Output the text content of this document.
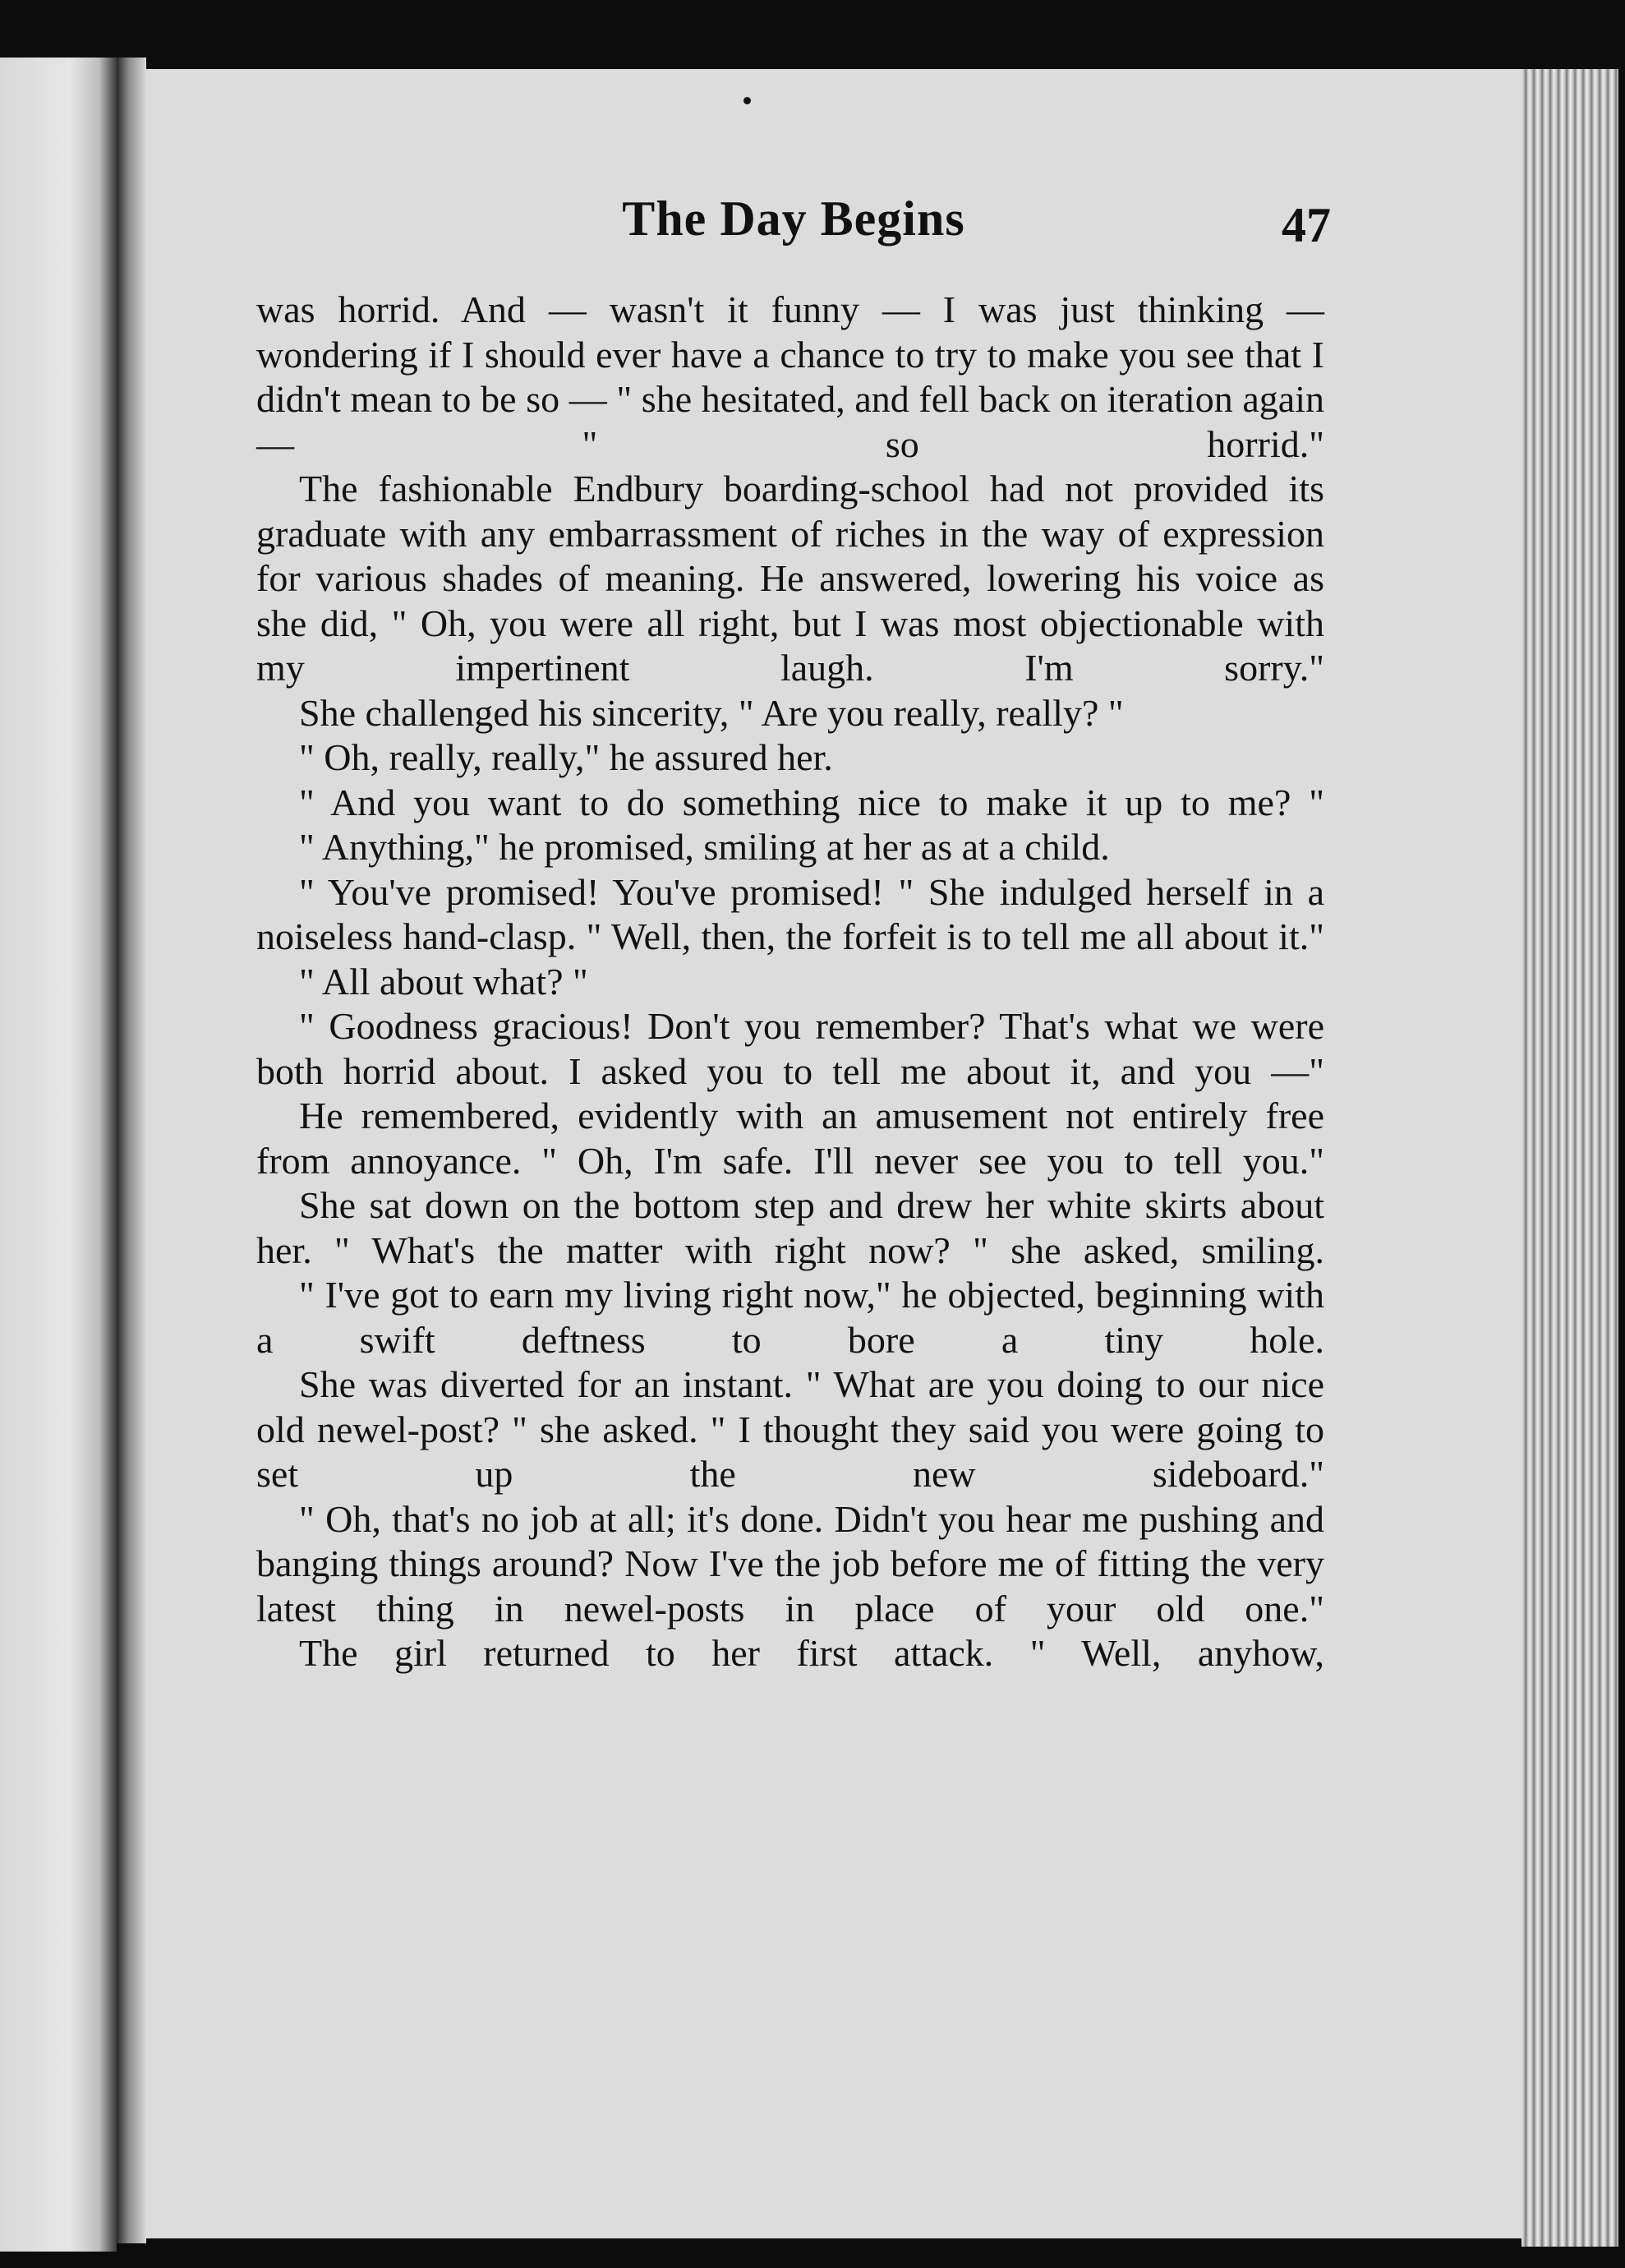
The Day Begins	47

was horrid. And — wasn't it funny — I was just thinking — wondering if I should ever have a chance to try to make you see that I didn't mean to be so — " she hesitated, and fell back on iteration again — " so horrid."

The fashionable Endbury boarding-school had not provided its graduate with any embarrassment of riches in the way of expression for various shades of meaning. He answered, lowering his voice as she did, " Oh, you were all right, but I was most objectionable with my impertinent laugh. I'm sorry."

She challenged his sincerity, " Are you really, really? "

" Oh, really, really," he assured her.

" And you want to do something nice to make it up to me? "

" Anything," he promised, smiling at her as at a child.

" You've promised! You've promised! " She indulged herself in a noiseless hand-clasp. " Well, then, the forfeit is to tell me all about it."

" All about what? "

" Goodness gracious! Don't you remember? That's what we were both horrid about. I asked you to tell me about it, and you —"

He remembered, evidently with an amusement not entirely free from annoyance. " Oh, I'm safe. I'll never see you to tell you."

She sat down on the bottom step and drew her white skirts about her. " What's the matter with right now? " she asked, smiling.

" I've got to earn my living right now," he objected, beginning with a swift deftness to bore a tiny hole.

She was diverted for an instant. " What are you doing to our nice old newel-post? " she asked. " I thought they said you were going to set up the new sideboard."

" Oh, that's no job at all; it's done. Didn't you hear me pushing and banging things around? Now I've the job before me of fitting the very latest thing in newel-posts in place of your old one."

The girl returned to her first attack. " Well, anyhow,
